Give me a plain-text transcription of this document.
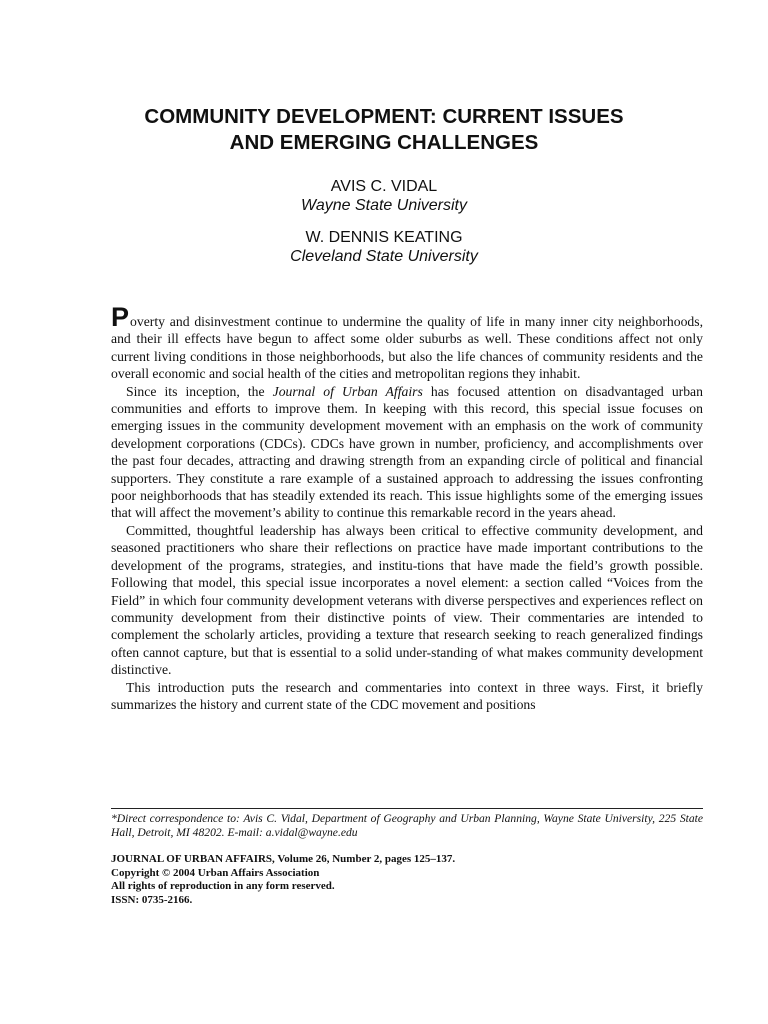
COMMUNITY DEVELOPMENT: CURRENT ISSUES
AND EMERGING CHALLENGES
AVIS C. VIDAL
Wayne State University
W. DENNIS KEATING
Cleveland State University

Poverty and disinvestment continue to undermine the quality of life in many inner city neighborhoods, and their ill effects have begun to affect some older suburbs as well. These conditions affect not only current living conditions in those neighborhoods, but also the life chances of community residents and the overall economic and social health of the cities and metropolitan regions they inhabit.

Since its inception, the Journal of Urban Affairs has focused attention on disadvantaged urban communities and efforts to improve them. In keeping with this record, this special issue focuses on emerging issues in the community development movement with an emphasis on the work of community development corporations (CDCs). CDCs have grown in number, proficiency, and accomplishments over the past four decades, attracting and drawing strength from an expanding circle of political and financial supporters. They constitute a rare example of a sustained approach to addressing the issues confronting poor neighborhoods that has steadily extended its reach. This issue highlights some of the emerging issues that will affect the movement’s ability to continue this remarkable record in the years ahead.

Committed, thoughtful leadership has always been critical to effective community development, and seasoned practitioners who share their reflections on practice have made important contributions to the development of the programs, strategies, and institu-tions that have made the field’s growth possible. Following that model, this special issue incorporates a novel element: a section called “Voices from the Field” in which four community development veterans with diverse perspectives and experiences reflect on community development from their distinctive points of view. Their commentaries are intended to complement the scholarly articles, providing a texture that research seeking to reach generalized findings often cannot capture, but that is essential to a solid under-standing of what makes community development distinctive.

This introduction puts the research and commentaries into context in three ways. First, it briefly summarizes the history and current state of the CDC movement and positions

*Direct correspondence to: Avis C. Vidal, Department of Geography and Urban Planning, Wayne State University, 225 State Hall, Detroit, MI 48202. E-mail: a.vidal@wayne.edu
JOURNAL OF URBAN AFFAIRS, Volume 26, Number 2, pages 125–137.
Copyright © 2004 Urban Affairs Association
All rights of reproduction in any form reserved.
ISSN: 0735-2166.
